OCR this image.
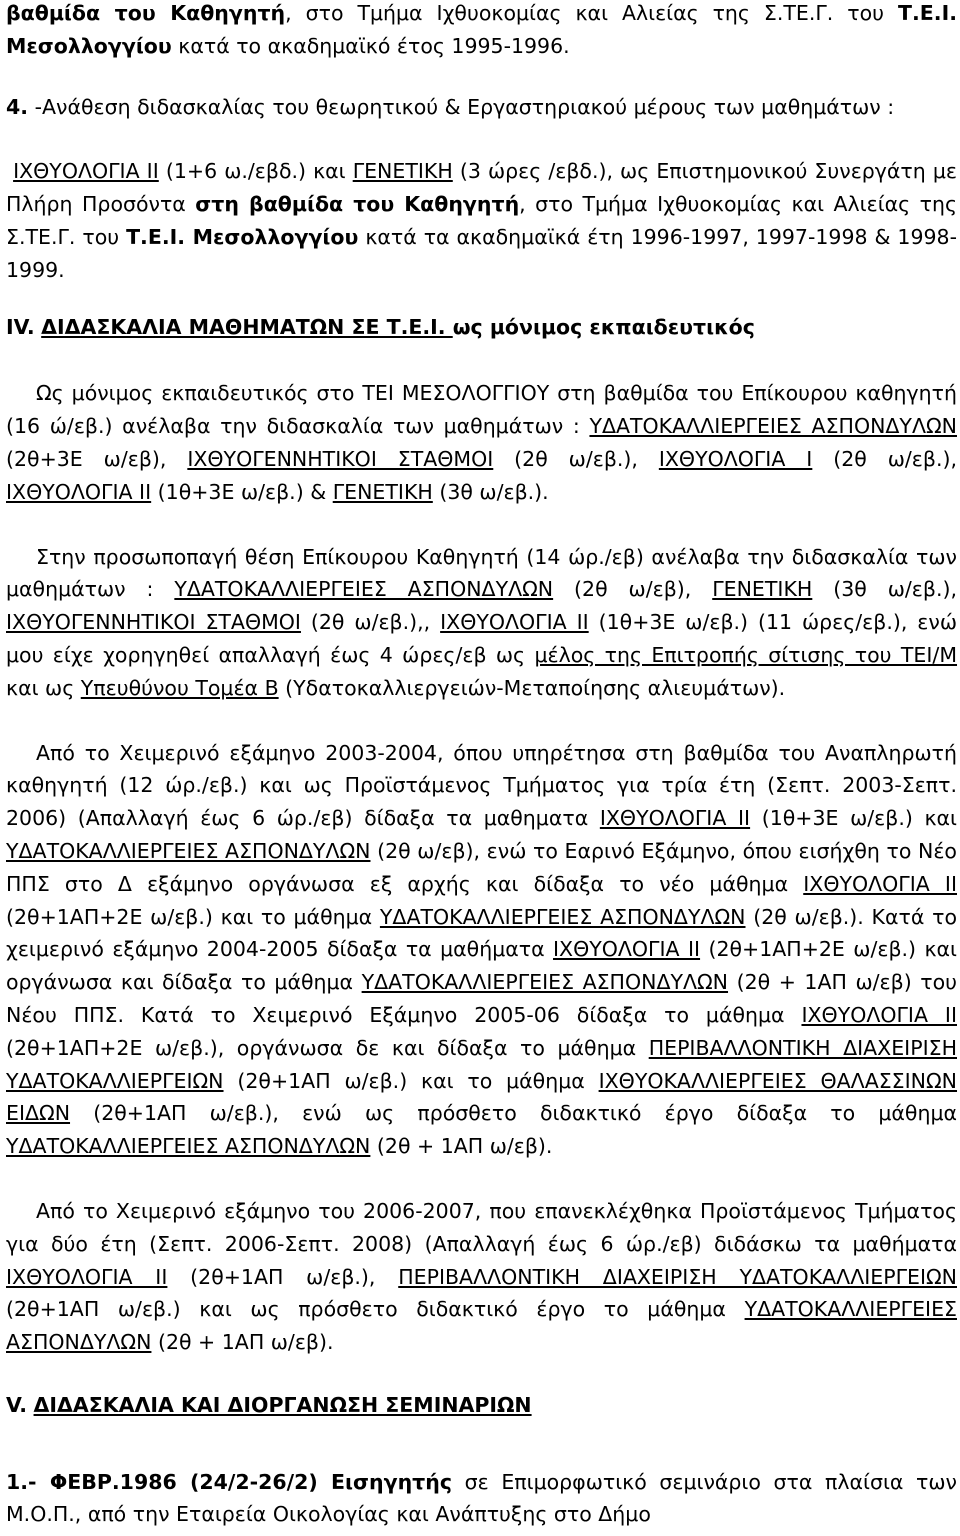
βαθμίδα του Καθηγητή, στο Τμήμα Ιχθυοκομίας και Αλιείας της Σ.ΤΕ.Γ. του Τ.Ε.Ι. Μεσολλογγίου κατά το ακαδημαϊκό έτος 1995-1996.

4. -Ανάθεση διδασκαλίας του θεωρητικού & Εργαστηριακού μέρους των μαθημάτων :

ΙΧΘΥΟΛΟΓΙΑ ΙΙ (1+6 ω./εβδ.) και ΓΕΝΕΤΙΚΗ (3 ώρες /εβδ.), ως Επιστημονικού Συνεργάτη με Πλήρη Προσόντα στη βαθμίδα του Καθηγητή, στο Τμήμα Ιχθυοκομίας και Αλιείας της Σ.ΤΕ.Γ. του Τ.Ε.Ι. Μεσολλογγίου κατά τα ακαδημαϊκά έτη 1996-1997, 1997-1998 & 1998-1999.

IV. ΔΙΔΑΣΚΑΛΙΑ ΜΑΘΗΜΑΤΩΝ ΣΕ Τ.Ε.Ι. ως μόνιμος εκπαιδευτικός

Ως μόνιμος εκπαιδευτικός στο ΤΕΙ ΜΕΣΟΛΟΓΓΙΟΥ στη βαθμίδα του Επίκουρου καθηγητή (16 ώ/εβ.) ανέλαβα την διδασκαλία των μαθημάτων : ΥΔΑΤΟΚΑΛΛΙΕΡΓΕΙΕΣ ΑΣΠΟΝΔΥΛΩΝ (2θ+3Ε ω/εβ), ΙΧΘΥΟΓΕΝΝΗΤΙΚΟΙ ΣΤΑΘΜΟΙ (2θ ω/εβ.), ΙΧΘΥΟΛΟΓΙΑ Ι (2θ ω/εβ.), ΙΧΘΥΟΛΟΓΙΑ ΙΙ (1θ+3Ε ω/εβ.) & ΓΕΝΕΤΙΚΗ (3θ ω/εβ.).

Στην προσωποπαγή θέση Επίκουρου Καθηγητή (14 ώρ./εβ) ανέλαβα την διδασκαλία των μαθημάτων : ΥΔΑΤΟΚΑΛΛΙΕΡΓΕΙΕΣ ΑΣΠΟΝΔΥΛΩΝ (2θ ω/εβ), ΓΕΝΕΤΙΚΗ (3θ ω/εβ.), ΙΧΘΥΟΓΕΝΝΗΤΙΚΟΙ ΣΤΑΘΜΟΙ (2θ ω/εβ.),, ΙΧΘΥΟΛΟΓΙΑ ΙΙ (1θ+3Ε ω/εβ.) (11 ώρες/εβ.), ενώ μου είχε χορηγηθεί απαλλαγή έως 4 ώρες/εβ ως μέλος της Επιτροπής σίτισης του ΤΕΙ/Μ και ως Υπευθύνου Τομέα Β (Υδατοκαλλιεργειών-Μεταποίησης αλιευμάτων).

Από το Χειμερινό εξάμηνο 2003-2004, όπου υπηρέτησα στη βαθμίδα του Αναπληρωτή καθηγητή (12 ώρ./εβ.) και ως Προϊστάμενος Τμήματος για τρία έτη (Σεπτ. 2003-Σεπτ. 2006) (Απαλλαγή έως 6 ώρ./εβ) δίδαξα τα μαθηματα ΙΧΘΥΟΛΟΓΙΑ ΙΙ (1θ+3Ε ω/εβ.) και ΥΔΑΤΟΚΑΛΛΙΕΡΓΕΙΕΣ ΑΣΠΟΝΔΥΛΩΝ (2θ ω/εβ), ενώ το Εαρινό Εξάμηνο, όπου εισήχθη το Νέο ΠΠΣ στο Δ εξάμηνο οργάνωσα εξ αρχής και δίδαξα το νέο μάθημα ΙΧΘΥΟΛΟΓΙΑ ΙΙ (2θ+1ΑΠ+2Ε ω/εβ.) και το μάθημα ΥΔΑΤΟΚΑΛΛΙΕΡΓΕΙΕΣ ΑΣΠΟΝΔΥΛΩΝ (2θ ω/εβ.). Κατά το χειμερινό εξάμηνο 2004-2005 δίδαξα τα μαθήματα ΙΧΘΥΟΛΟΓΙΑ ΙΙ (2θ+1ΑΠ+2Ε ω/εβ.) και οργάνωσα και δίδαξα το μάθημα ΥΔΑΤΟΚΑΛΛΙΕΡΓΕΙΕΣ ΑΣΠΟΝΔΥΛΩΝ (2θ + 1ΑΠ ω/εβ) του Νέου ΠΠΣ. Κατά το Χειμερινό Εξάμηνο 2005-06 δίδαξα το μάθημα ΙΧΘΥΟΛΟΓΙΑ ΙΙ (2θ+1ΑΠ+2Ε ω/εβ.), οργάνωσα δε και δίδαξα το μάθημα ΠΕΡΙΒΑΛΛΟΝΤΙΚΗ ΔΙΑΧΕΙΡΙΣΗ ΥΔΑΤΟΚΑΛΛΙΕΡΓΕΙΩΝ (2θ+1ΑΠ ω/εβ.) και το μάθημα ΙΧΘΥΟΚΑΛΛΙΕΡΓΕΙΕΣ ΘΑΛΑΣΣΙΝΩΝ ΕΙΔΩΝ (2θ+1ΑΠ ω/εβ.), ενώ ως πρόσθετο διδακτικό έργο δίδαξα το μάθημα ΥΔΑΤΟΚΑΛΛΙΕΡΓΕΙΕΣ ΑΣΠΟΝΔΥΛΩΝ (2θ + 1ΑΠ ω/εβ).

Από το Χειμερινό εξάμηνο του 2006-2007, που επανεκλέχθηκα Προϊστάμενος Τμήματος για δύο έτη (Σεπτ. 2006-Σεπτ. 2008) (Απαλλαγή έως 6 ώρ./εβ) διδάσκω τα μαθήματα ΙΧΘΥΟΛΟΓΙΑ ΙΙ (2θ+1ΑΠ ω/εβ.), ΠΕΡΙΒΑΛΛΟΝΤΙΚΗ ΔΙΑΧΕΙΡΙΣΗ ΥΔΑΤΟΚΑΛΛΙΕΡΓΕΙΩΝ (2θ+1ΑΠ ω/εβ.) και ως πρόσθετο διδακτικό έργο το μάθημα ΥΔΑΤΟΚΑΛΛΙΕΡΓΕΙΕΣ ΑΣΠΟΝΔΥΛΩΝ (2θ + 1ΑΠ ω/εβ).

V. ΔΙΔΑΣΚΑΛΙΑ ΚΑΙ ΔΙΟΡΓΑΝΩΣΗ ΣΕΜΙΝΑΡΙΩΝ

1.- ΦΕΒΡ.1986 (24/2-26/2) Εισηγητής σε Επιμορφωτικό σεμινάριο στα πλαίσια των Μ.Ο.Π., από την Εταιρεία Οικολογίας και Ανάπτυξης στο Δήμο
